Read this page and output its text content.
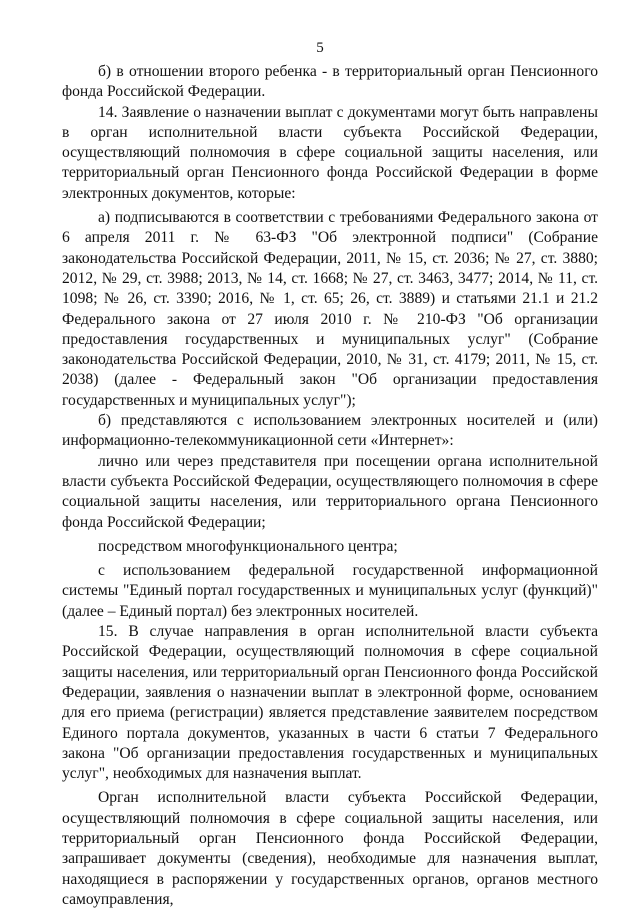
5

б) в отношении второго ребенка - в территориальный орган Пенсионного фонда Российской Федерации.

14. Заявление о назначении выплат с документами могут быть направлены в орган исполнительной власти субъекта Российской Федерации, осуществляющий полномочия в сфере социальной защиты населения, или территориальный орган Пенсионного фонда Российской Федерации в форме электронных документов, которые:

а) подписываются в соответствии с требованиями Федерального закона от 6 апреля 2011 г. № 63-ФЗ "Об электронной подписи" (Собрание законодательства Российской Федерации, 2011, № 15, ст. 2036; № 27, ст. 3880; 2012, № 29, ст. 3988; 2013, № 14, ст. 1668; № 27, ст. 3463, 3477; 2014, № 11, ст. 1098; № 26, ст. 3390; 2016, № 1, ст. 65; 26, ст. 3889) и статьями 21.1 и 21.2 Федерального закона от 27 июля 2010 г. № 210-ФЗ "Об организации предоставления государственных и муниципальных услуг" (Собрание законодательства Российской Федерации, 2010, № 31, ст. 4179; 2011, № 15, ст. 2038) (далее - Федеральный закон "Об организации предоставления государственных и муниципальных услуг");

б) представляются с использованием электронных носителей и (или) информационно-телекоммуникационной сети «Интернет»:

лично или через представителя при посещении органа исполнительной власти субъекта Российской Федерации, осуществляющего полномочия в сфере социальной защиты населения, или территориального органа Пенсионного фонда Российской Федерации;

посредством многофункционального центра;

с использованием федеральной государственной информационной системы "Единый портал государственных и муниципальных услуг (функций)" (далее – Единый портал) без электронных носителей.

15. В случае направления в орган исполнительной власти субъекта Российской Федерации, осуществляющий полномочия в сфере социальной защиты населения, или территориальный орган Пенсионного фонда Российской Федерации, заявления о назначении выплат в электронной форме, основанием для его приема (регистрации) является представление заявителем посредством Единого портала документов, указанных в части 6 статьи 7 Федерального закона "Об организации предоставления государственных и муниципальных услуг", необходимых для назначения выплат.

Орган исполнительной власти субъекта Российской Федерации, осуществляющий полномочия в сфере социальной защиты населения, или территориальный орган Пенсионного фонда Российской Федерации, запрашивает документы (сведения), необходимые для назначения выплат, находящиеся в распоряжении у государственных органов, органов местного самоуправления,
